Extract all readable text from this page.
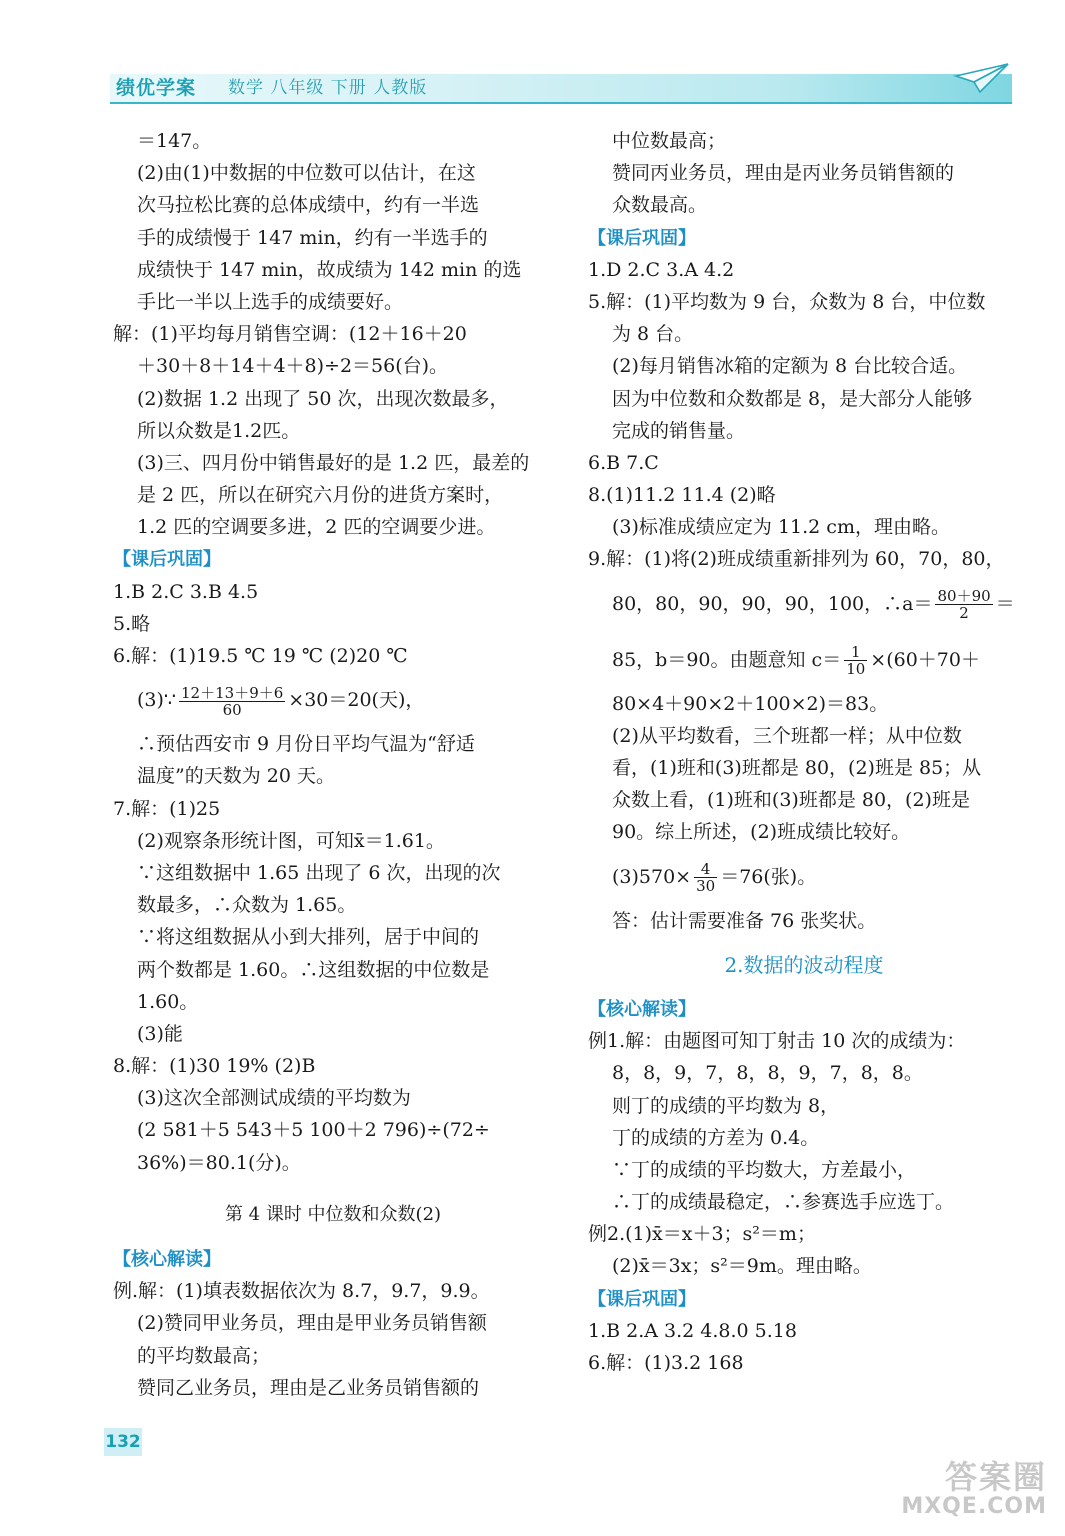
绩优学案 数学 八年级 下册 人教版
＝147。
(2)由(1)中数据的中位数可以估计，在这
次马拉松比赛的总体成绩中，约有一半选
手的成绩慢于 147 min，约有一半选手的
成绩快于 147 min，故成绩为 142 min 的选
手比一半以上选手的成绩要好。
解：(1)平均每月销售空调：(12＋16＋20
＋30＋8＋14＋4＋8)÷2＝56(台)。
(2)数据 1.2 出现了 50 次，出现次数最多，
所以众数是1.2匹。
(3)三、四月份中销售最好的是 1.2 匹，最差的
是 2 匹，所以在研究六月份的进货方案时，
1.2 匹的空调要多进，2 匹的空调要少进。
【课后巩固】
1.B 2.C 3.B 4.5
5.略
6.解：(1)19.5 ℃ 19 ℃ (2)20 ℃
(3)∵ $\frac{12+13+9+6}{60} \times 30=20$(天)，
∴预估西安市 9 月份日平均气温为“舒适
温度”的天数为 20 天。
7.解：(1)25
(2)观察条形统计图，可知x̄＝1.61。
∵这组数据中 1.65 出现了 6 次，出现的次
数最多，∴众数为 1.65。
∵将这组数据从小到大排列，居于中间的
两个数都是 1.60。∴这组数据的中位数是
1.60。
(3)能
8.解：(1)30 19% (2)B
(3)这次全部测试成绩的平均数为
(2 581＋5 543＋5 100＋2 796)÷(72÷
36%)＝80.1(分)。
第 4 课时 中位数和众数(2)
【核心解读】
例.解：(1)填表数据依次为 8.7，9.7，9.9。
(2)赞同甲业务员，理由是甲业务员销售额
的平均数最高；
赞同乙业务员，理由是乙业务员销售额的
中位数最高；
赞同丙业务员，理由是丙业务员销售额的
众数最高。
【课后巩固】
1.D 2.C 3.A 4.2
5.解：(1)平均数为 9 台，众数为 8 台，中位数
为 8 台。
(2)每月销售冰箱的定额为 8 台比较合适。
因为中位数和众数都是 8，是大部分人能够
完成的销售量。
6.B 7.C
8.(1)11.2 11.4 (2)略
(3)标准成绩应定为 11.2 cm，理由略。
9.解：(1)将(2)班成绩重新排列为 60，70，80，
80，80，90，90，90，100，∴a＝ $\frac{80+90}{2}$ ＝
85，b＝90。由题意知 $c= \frac{1}{10} \times(60+70+$
80×4＋90×2＋100×2)＝83。
(2)从平均数看，三个班都一样；从中位数
看，(1)班和(3)班都是 80，(2)班是 85；从
众数上看，(1)班和(3)班都是 80，(2)班是
90。综上所述，(2)班成绩比较好。
$(3)570\times \frac{4}{30} =76$(张)。
答：估计需要准备 76 张奖状。
2.数据的波动程度
【核心解读】
例1.解：由题图可知丁射击 10 次的成绩为：
8，8，9，7，8，8，9，7，8，8。
则丁的成绩的平均数为 8，
丁的成绩的方差为 0.4。
∵丁的成绩的平均数大，方差最小，
∴丁的成绩最稳定，∴参赛选手应选丁。
例2.(1)x̄＝x＋3；s²＝m；
(2)x̄＝3x；s²＝9m。理由略。
【课后巩固】
1.B 2.A 3.2 4.8.0 5.18
6.解：(1)3.2 168
132
答案圈
MXQE.COM
